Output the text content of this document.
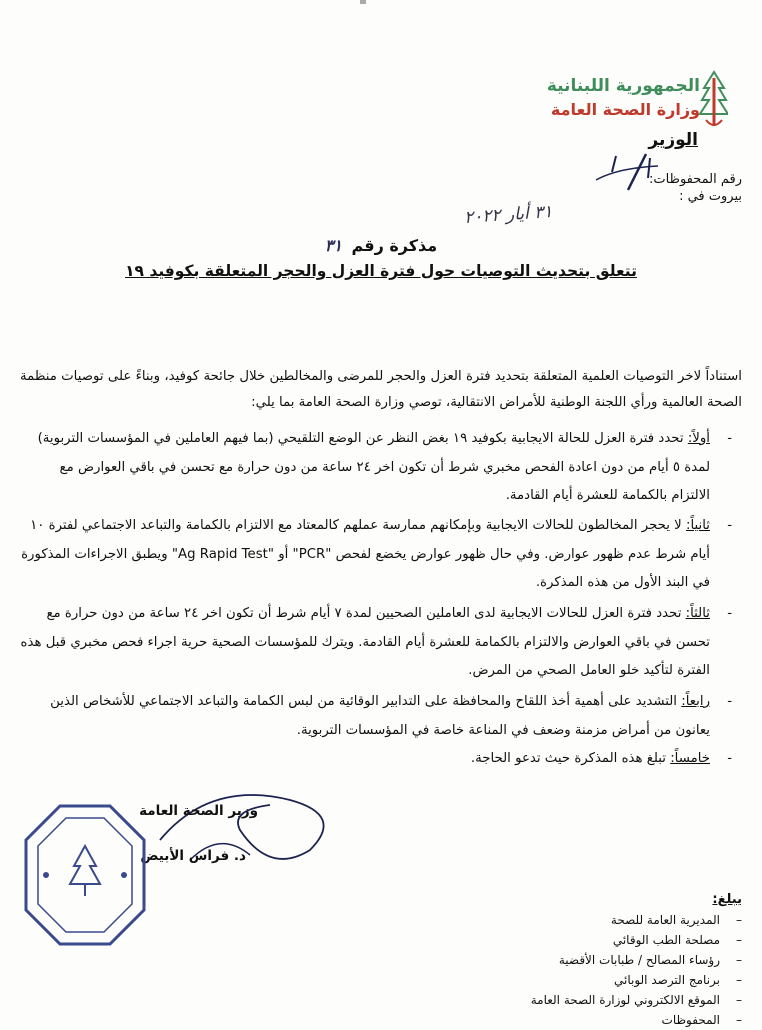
الجمهورية اللبنانية
وزارة الصحة العامة
الوزير
رقم المحفوظات:
بيروت في :
٣١ أيار ٢٠٢٢
مذكرة رقم ٣١
تتعلق بتحديث التوصيات حول فترة العزل والحجر المتعلقة بكوفيد ١٩
استناداً لاخر التوصيات العلمية المتعلقة بتحديد فترة العزل والحجر للمرضى والمخالطين خلال جائحة كوفيد، وبناءً على توصيات منظمة الصحة العالمية ورأي اللجنة الوطنية للأمراض الانتقالية، توصي وزارة الصحة العامة بما يلي:
-
أولاً: تحدد فترة العزل للحالة الايجابية بكوفيد ١٩ بغض النظر عن الوضع التلقيحي (بما فيهم العاملين في المؤسسات التربوية) لمدة ٥ أيام من دون اعادة الفحص مخبري شرط أن تكون اخر ٢٤ ساعة من دون حرارة مع تحسن في باقي العوارض مع الالتزام بالكمامة للعشرة أيام القادمة.
-
ثانياً: لا يحجر المخالطون للحالات الايجابية وبإمكانهم ممارسة عملهم كالمعتاد مع الالتزام بالكمامة والتباعد الاجتماعي لفترة ١٠ أيام شرط عدم ظهور عوارض. وفي حال ظهور عوارض يخضع لفحص "PCR" أو "Ag Rapid Test" ويطبق الاجراءات المذكورة في البند الأول من هذه المذكرة.
-
ثالثاً: تحدد فترة العزل للحالات الايجابية لدى العاملين الصحيين لمدة ٧ أيام شرط أن تكون اخر ٢٤ ساعة من دون حرارة مع تحسن في باقي العوارض والالتزام بالكمامة للعشرة أيام القادمة. ويترك للمؤسسات الصحية حرية اجراء فحص مخبري قبل هذه الفترة لتأكيد خلو العامل الصحي من المرض.
-
رابعاً: التشديد على أهمية أخذ اللقاح والمحافظة على التدابير الوقائية من لبس الكمامة والتباعد الاجتماعي للأشخاص الذين يعانون من أمراض مزمنة وضعف في المناعة خاصة في المؤسسات التربوية.
-
خامساً: تبلغ هذه المذكرة حيث تدعو الحاجة.
وزير الصحة العامة
د. فراس الأبيض
يبلغ:
– المديرية العامة للصحة
– مصلحة الطب الوقائي
– رؤساء المصالح / طبابات الأقضية
– برنامج الترصد الوبائي
– الموقع الالكتروني لوزارة الصحة العامة
– المحفوظات
